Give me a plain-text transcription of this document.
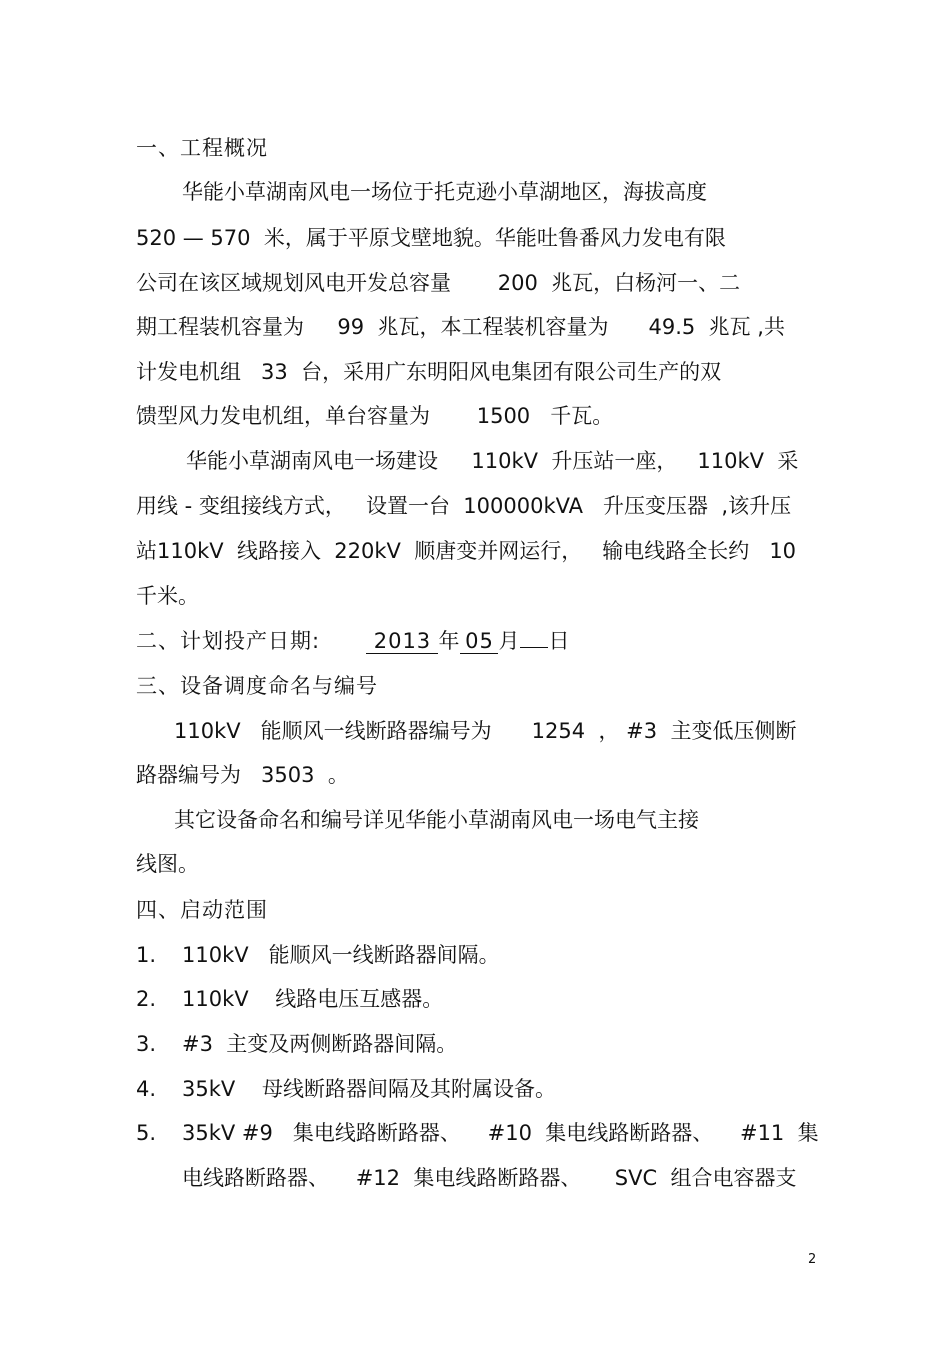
一、工程概况
华能小草湖南风电一场位于托克逊小草湖地区，海拔高度
520 — 570  米，属于平原戈壁地貌。华能吐鲁番风力发电有限
公司在该区域规划风电开发总容量       200  兆瓦，白杨河一、二
期工程装机容量为     99  兆瓦，本工程装机容量为      49.5  兆瓦 ,共
计发电机组   33  台，采用广东明阳风电集团有限公司生产的双
馈型风力发电机组，单台容量为       1500   千瓦。
华能小草湖南风电一场建设     110kV  升压站一座，   110kV  采
用线 - 变组接线方式，   设置一台  100000kVA   升压变压器  ,该升压
站110kV  线路接入  220kV  顺唐变并网运行，   输电线路全长约   10
千米。
二、计划投产日期:     2013 年 05 月 日
三、设备调度命名与编号
110kV   能顺风一线断路器编号为      1254  ， #3  主变低压侧断
路器编号为   3503  。
其它设备命名和编号详见华能小草湖南风电一场电气主接
线图。
四、启动范围
1. 110kV   能顺风一线断路器间隔。
2. 110kV    线路电压互感器。
3. #3  主变及两侧断路器间隔。
4. 35kV    母线断路器间隔及其附属设备。
5. 35kV #9   集电线路断路器、    #10  集电线路断路器、    #11  集
电线路断路器、    #12  集电线路断路器、     SVC  组合电容器支
2
